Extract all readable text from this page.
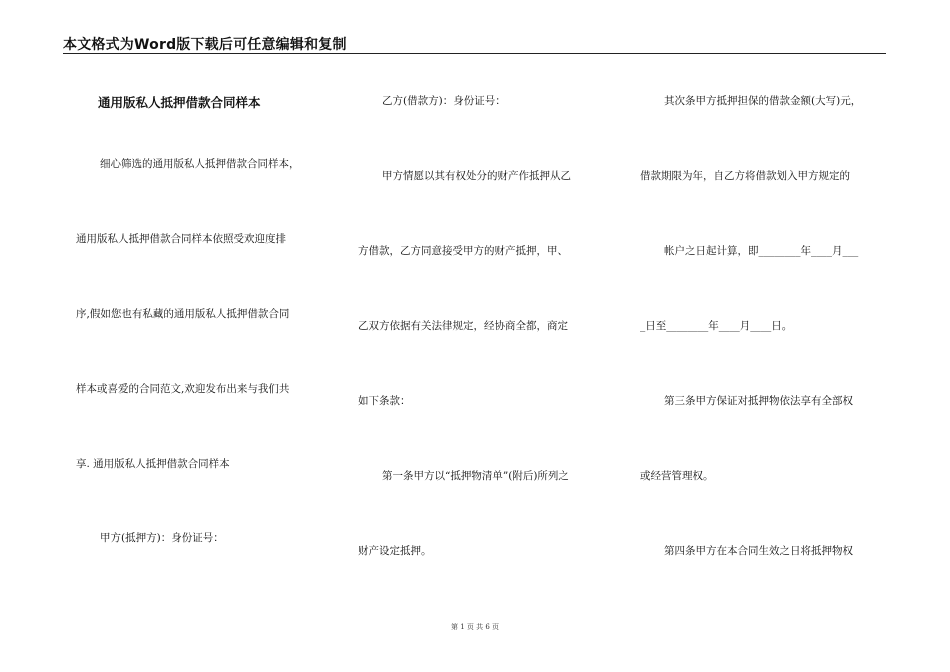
本文格式为Word版下载后可任意编辑和复制
通用版私人抵押借款合同样本
细心筛选的通用版私人抵押借款合同样本，
通用版私人抵押借款合同样本依照受欢迎度排
序,假如您也有私藏的通用版私人抵押借款合同
样本或喜爱的合同范文,欢迎发布出来与我们共
享. 通用版私人抵押借款合同样本
甲方(抵押方)：身份证号：
乙方(借款方)：身份证号：
甲方情愿以其有权处分的财产作抵押从乙
方借款，乙方同意接受甲方的财产抵押，甲、
乙双方依据有关法律规定，经协商全都，商定
如下条款：
第一条甲方以“抵押物清单”(附后)所列之
财产设定抵押。
其次条甲方抵押担保的借款金额(大写)元，
借款期限为年，自乙方将借款划入甲方规定的
帐户之日起计算，即________年____月___
_日至________年____月____日。
第三条甲方保证对抵押物依法享有全部权
或经营管理权。
第四条甲方在本合同生效之日将抵押物权
第 1 页 共 6 页
